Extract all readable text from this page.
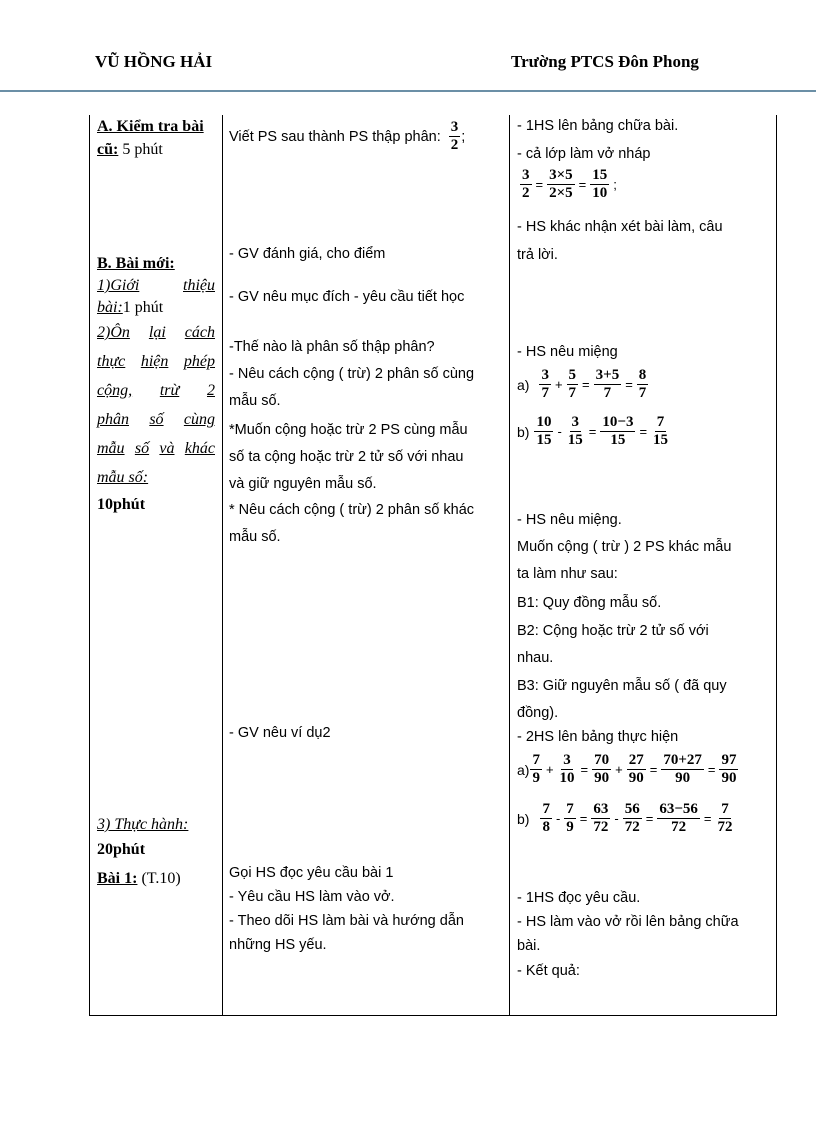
VŨ HỒNG HẢI	Trường PTCS Đôn Phong
A. Kiểm tra bài
cũ: 5 phút
B. Bài mới:
1)Giới	thiệu
bài:1 phút
2)Ôn lại cách
thực hiện phép
cộng, trừ 2
phân số cùng
mẫu số và khác
mẫu số:
10phút
3) Thực hành:
20phút
Bài 1: (T.10)
Viết PS sau thành PS thập phân: $\frac{3}{2}$ ;
- GV đánh giá, cho điểm
- GV nêu mục đích - yêu cầu tiết học
-Thế nào là phân số thập phân?
- Nêu cách cộng ( trừ) 2 phân số cùng
mẫu số.
*Muốn cộng hoặc trừ 2 PS cùng mẫu
số ta cộng hoặc trừ 2 tử số với nhau
và giữ nguyên mẫu số.
* Nêu cách cộng ( trừ) 2 phân số khác
mẫu số.
- GV nêu ví dụ2
Gọi HS đọc yêu cầu bài 1
- Yêu cầu HS làm vào vở.
- Theo dõi HS làm bài và hướng dẫn
những HS yếu.
- 1HS lên bảng chữa bài.
- cả lớp làm vở nháp
$\frac{3}{2} = \frac{3\times 5}{2\times 5} = \frac{15}{10}$ ;
- HS khác nhận xét bài làm, câu
trả lời.
- HS nêu miệng
$a) \frac{3}{7} + \frac{5}{7} = \frac{3+5}{7} = \frac{8}{7}$
$b) \frac{10}{15} - \frac{3}{15} = \frac{10-3}{15} = \frac{7}{15}$
- HS nêu miệng.
Muốn cộng ( trừ ) 2 PS khác mẫu
ta làm như sau:
B1: Quy đồng mẫu số.
B2: Cộng hoặc trừ 2 tử số với
nhau.
B3: Giữ nguyên mẫu số ( đã quy
đồng).
- 2HS lên bảng thực hiện
$a) \frac{7}{9} + \frac{3}{10} = \frac{70}{90} + \frac{27}{90} = \frac{70+27}{90} = \frac{97}{90}$
$b) \frac{7}{8} - \frac{7}{9} = \frac{63}{72} - \frac{56}{72} = \frac{63-56}{72} = \frac{7}{72}$
- 1HS đọc yêu cầu.
- HS làm vào vở rồi lên bảng chữa
bài.
- Kết quả:
